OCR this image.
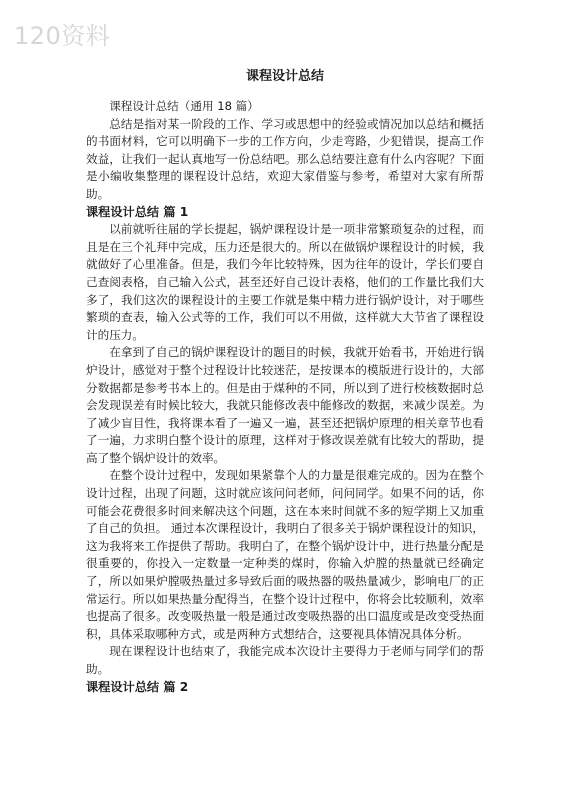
120资料
课程设计总结

课程设计总结（通用 18 篇）

总结是指对某一阶段的工作、学习或思想中的经验或情况加以总结和概括的书面材料，它可以明确下一步的工作方向，少走弯路，少犯错误，提高工作效益，让我们一起认真地写一份总结吧。那么总结要注意有什么内容呢？下面是小编收集整理的课程设计总结，欢迎大家借鉴与参考，希望对大家有所帮助。

课程设计总结 篇 1

以前就听往届的学长提起，锅炉课程设计是一项非常繁琐复杂的过程，而且是在三个礼拜中完成，压力还是很大的。所以在做锅炉课程设计的时候，我就做好了心里准备。但是，我们今年比较特殊，因为往年的设计，学长们要自己查阅表格，自己输入公式，甚至还好自己设计表格，他们的工作量比我们大多了，我们这次的课程设计的主要工作就是集中精力进行锅炉设计，对于哪些繁琐的查表，输入公式等的工作，我们可以不用做，这样就大大节省了课程设计的压力。

在拿到了自己的锅炉课程设计的题目的时候，我就开始看书，开始进行锅炉设计，感觉对于整个过程设计比较迷茫，是按课本的模版进行设计的，大部分数据都是参考书本上的。但是由于煤种的不同，所以到了进行校核数据时总会发现误差有时候比较大，我就只能修改表中能修改的数据，来减少误差。为了减少盲目性，我将课本看了一遍又一遍，甚至还把锅炉原理的相关章节也看了一遍，力求明白整个设计的原理，这样对于修改误差就有比较大的帮助，提高了整个锅炉设计的效率。

在整个设计过程中，发现如果紧靠个人的力量是很难完成的。因为在整个设计过程，出现了问题，这时就应该问问老师，问问同学。如果不问的话，你可能会花费很多时间来解决这个问题，这在本来时间就不多的短学期上又加重了自己的负担。 通过本次课程设计，我明白了很多关于锅炉课程设计的知识，这为我将来工作提供了帮助。我明白了，在整个锅炉设计中，进行热量分配是很重要的，你投入一定数量一定种类的煤时，你输入炉膛的热量就已经确定了，所以如果炉膛吸热量过多导致后面的吸热器的吸热量减少，影响电厂的正常运行。所以如果热量分配得当，在整个设计过程中，你将会比较顺利，效率也提高了很多。改变吸热量一般是通过改变吸热器的出口温度或是改变受热面积，具体采取哪种方式，或是两种方式想结合，这要视具体情况具体分析。

现在课程设计也结束了，我能完成本次设计主要得力于老师与同学们的帮助。

课程设计总结 篇 2
